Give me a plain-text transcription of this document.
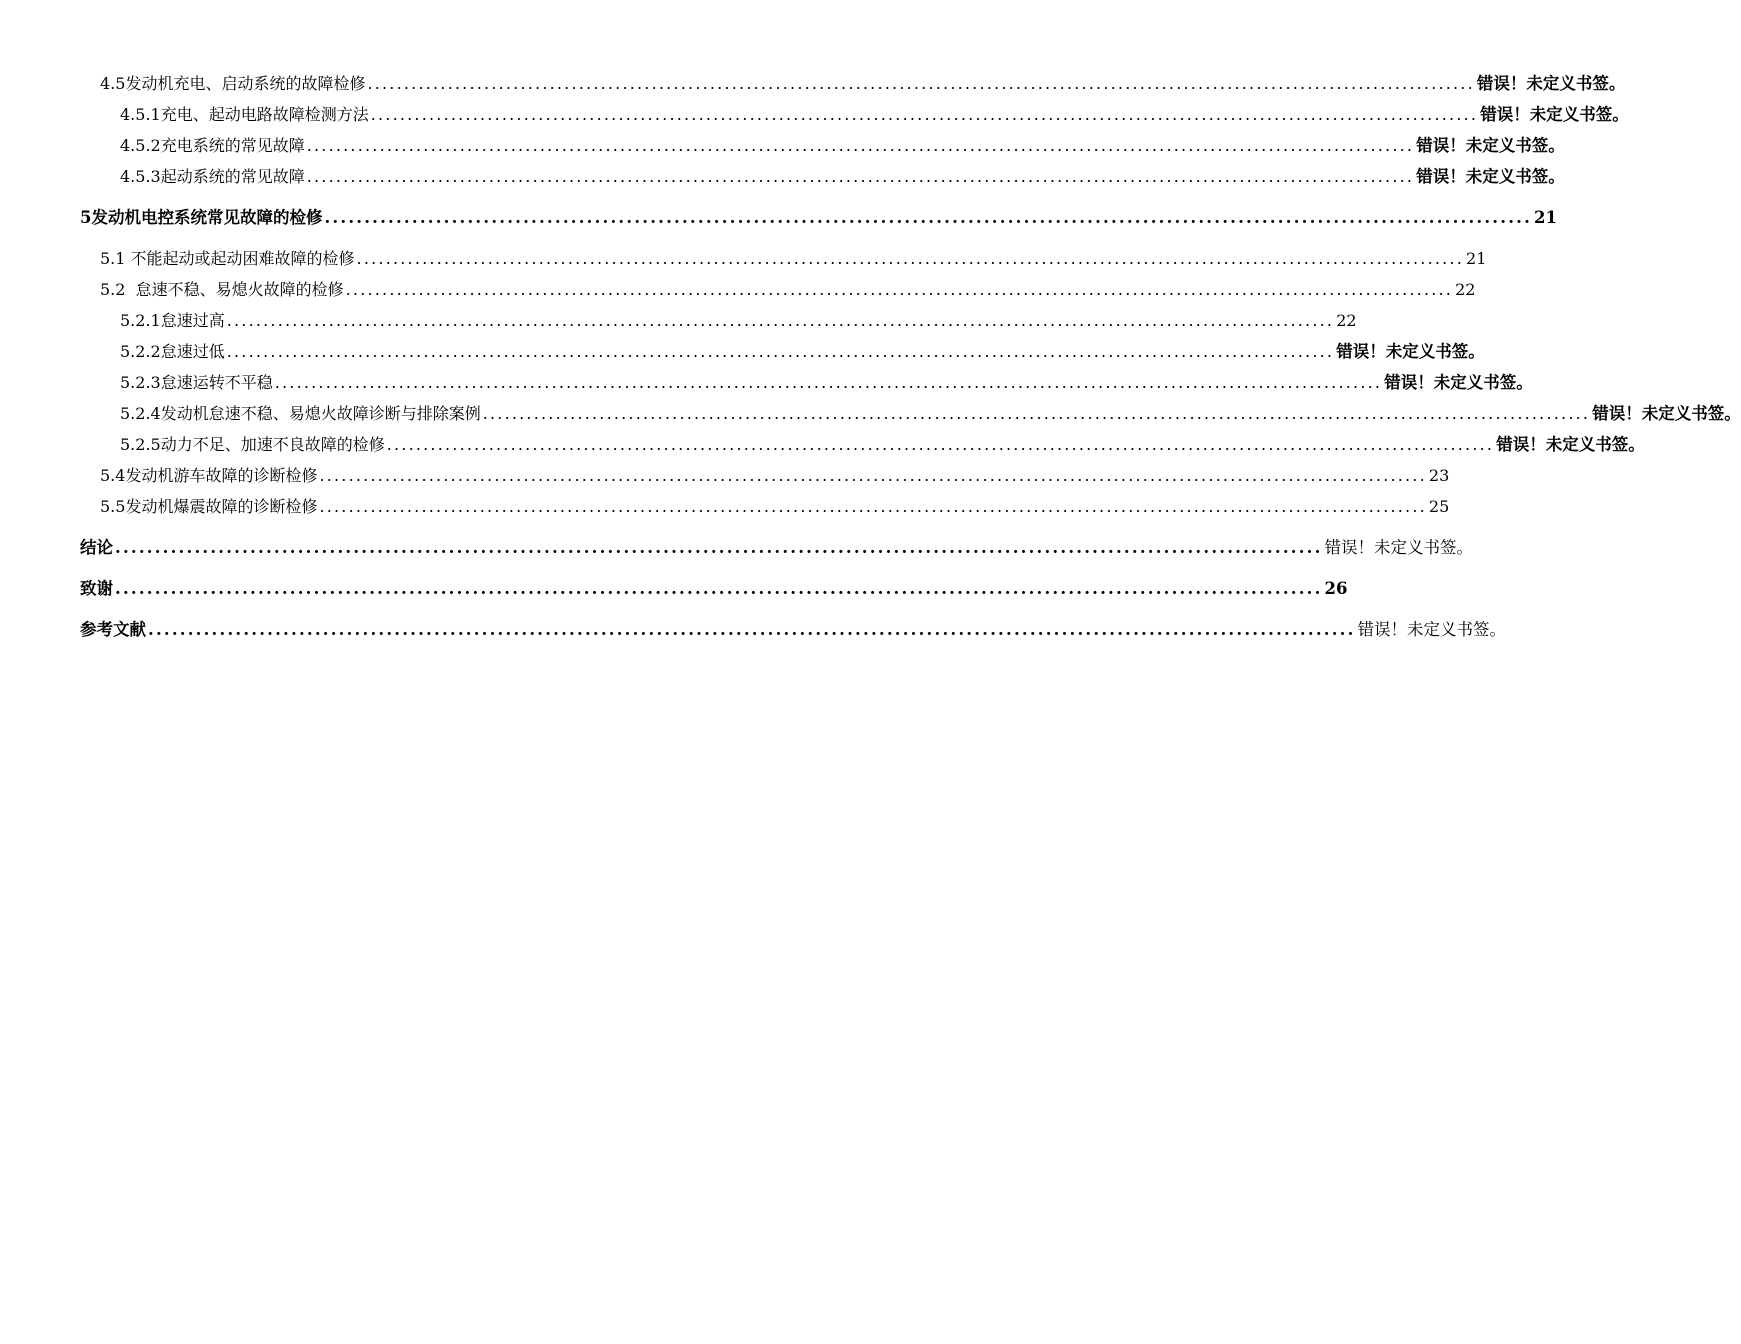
4.5发动机充电、启动系统的故障检修 ........................................................................................................................................................ 错误！未定义书签。
4.5.1充电、起动电路故障检测方法 ........................................................................................................................................................ 错误！未定义书签。
4.5.2充电系统的常见故障 ........................................................................................................................................................ 错误！未定义书签。
4.5.3起动系统的常见故障 ........................................................................................................................................................ 错误！未定义书签。
5发动机电控系统常见故障的检修 ........................................................................................................................................................ 21
5.1 不能起动或起动困难故障的检修 ........................................................................................................................................................ 21
5.2  怠速不稳、易熄火故障的检修 ........................................................................................................................................................ 22
5.2.1怠速过高 ........................................................................................................................................................ 22
5.2.2怠速过低 ........................................................................................................................................................ 错误！未定义书签。
5.2.3怠速运转不平稳 ........................................................................................................................................................ 错误！未定义书签。
5.2.4发动机怠速不稳、易熄火故障诊断与排除案例 ........................................................................................................................................................ 错误！未定义书签。
5.2.5动力不足、加速不良故障的检修 ........................................................................................................................................................ 错误！未定义书签。
5.4发动机游车故障的诊断检修 ........................................................................................................................................................ 23
5.5发动机爆震故障的诊断检修 ........................................................................................................................................................ 25
结论 ........................................................................................................................................................ 错误！未定义书签。
致谢 ........................................................................................................................................................ 26
参考文献 ........................................................................................................................................................ 错误！未定义书签。
